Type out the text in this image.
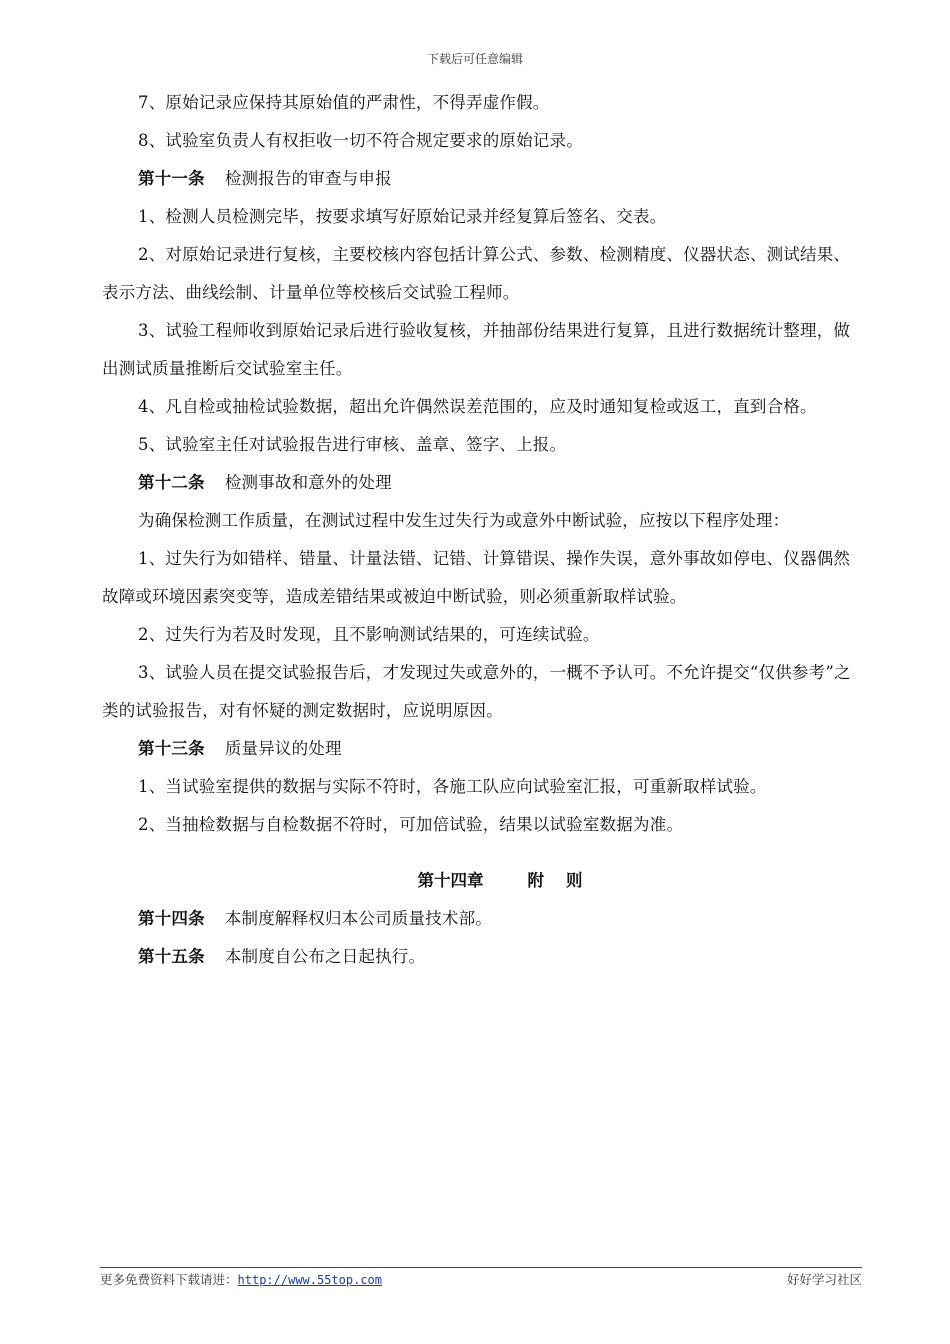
下载后可任意编辑

7、原始记录应保持其原始值的严肃性，不得弄虚作假。

8、试验室负责人有权拒收一切不符合规定要求的原始记录。

第十一条 检测报告的审查与申报

1、检测人员检测完毕，按要求填写好原始记录并经复算后签名、交表。

2、对原始记录进行复核，主要校核内容包括计算公式、参数、检测精度、仪器状态、测试结果、表示方法、曲线绘制、计量单位等校核后交试验工程师。

3、试验工程师收到原始记录后进行验收复核，并抽部份结果进行复算，且进行数据统计整理，做出测试质量推断后交试验室主任。

4、凡自检或抽检试验数据，超出允许偶然误差范围的，应及时通知复检或返工，直到合格。

5、试验室主任对试验报告进行审核、盖章、签字、上报。

第十二条 检测事故和意外的处理

为确保检测工作质量，在测试过程中发生过失行为或意外中断试验，应按以下程序处理：

1、过失行为如错样、错量、计量法错、记错、计算错误、操作失误，意外事故如停电、仪器偶然故障或环境因素突变等，造成差错结果或被迫中断试验，则必须重新取样试验。

2、过失行为若及时发现，且不影响测试结果的，可连续试验。

3、试验人员在提交试验报告后，才发现过失或意外的，一概不予认可。不允许提交“仅供参考”之类的试验报告，对有怀疑的测定数据时，应说明原因。

第十三条 质量异议的处理

1、当试验室提供的数据与实际不符时，各施工队应向试验室汇报，可重新取样试验。

2、当抽检数据与自检数据不符时，可加倍试验，结果以试验室数据为准。

第十四章	附 则

第十四条 本制度解释权归本公司质量技术部。

第十五条 本制度自公布之日起执行。

更多免费资料下载请进：http://www.55top.com	好好学习社区
